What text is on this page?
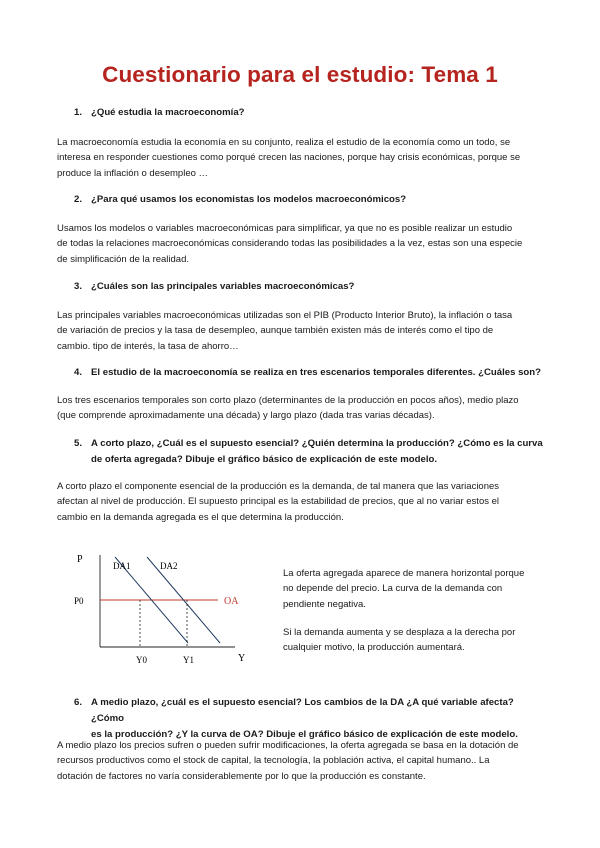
Cuestionario para el estudio: Tema 1
1. ¿Qué estudia la macroeconomía?
La macroeconomía estudia la economía en su conjunto, realiza el estudio de la economía como un todo, se
interesa en responder cuestiones como porqué crecen las naciones, porque hay crisis económicas, porque se
produce la inflación o desempleo …
2. ¿Para qué usamos los economistas los modelos macroeconómicos?
Usamos los modelos o variables macroeconómicas para simplificar, ya que no es posible realizar un estudio
de todas la relaciones macroeconómicas considerando todas las posibilidades a la vez, estas son una especie
de simplificación de la realidad.
3. ¿Cuáles son las principales variables macroeconómicas?
Las principales variables macroeconómicas utilizadas son el PIB (Producto Interior Bruto), la inflación o tasa
de variación de precios y la tasa de desempleo, aunque también existen más de interés como el tipo de
cambio. tipo de interés, la tasa de ahorro…
4. El estudio de la macroeconomía se realiza en tres escenarios temporales diferentes. ¿Cuáles son?
Los tres escenarios temporales son corto plazo (determinantes de la producción en pocos años), medio plazo
(que comprende aproximadamente una década) y largo plazo (dada tras varias décadas).
5. A corto plazo, ¿Cuál es el supuesto esencial? ¿Quién determina la producción? ¿Cómo es la curva
de oferta agregada? Dibuje el gráfico básico de explicación de este modelo.
A corto plazo el componente esencial de la producción es la demanda, de tal manera que las variaciones
afectan al nivel de producción. El supuesto principal es la estabilidad de precios, que al no variar estos el
cambio en la demanda agregada es el que determina la producción.
P
P0
Y
Y0	Y1
DA1	DA2
OA
La oferta agregada aparece de manera horizontal porque
no depende del precio. La curva de la demanda con
pendiente negativa.
Si la demanda aumenta y se desplaza a la derecha por
cualquier motivo, la producción aumentará.
6. A medio plazo, ¿cuál es el supuesto esencial? Los cambios de la DA ¿A qué variable afecta? ¿Cómo
es la producción? ¿Y la curva de OA? Dibuje el gráfico básico de explicación de este modelo.
A medio plazo los precios sufren o pueden sufrir modificaciones, la oferta agregada se basa en la dotación de
recursos productivos como el stock de capital, la tecnología, la población activa, el capital humano.. La
dotación de factores no varía considerablemente por lo que la producción es constante.
